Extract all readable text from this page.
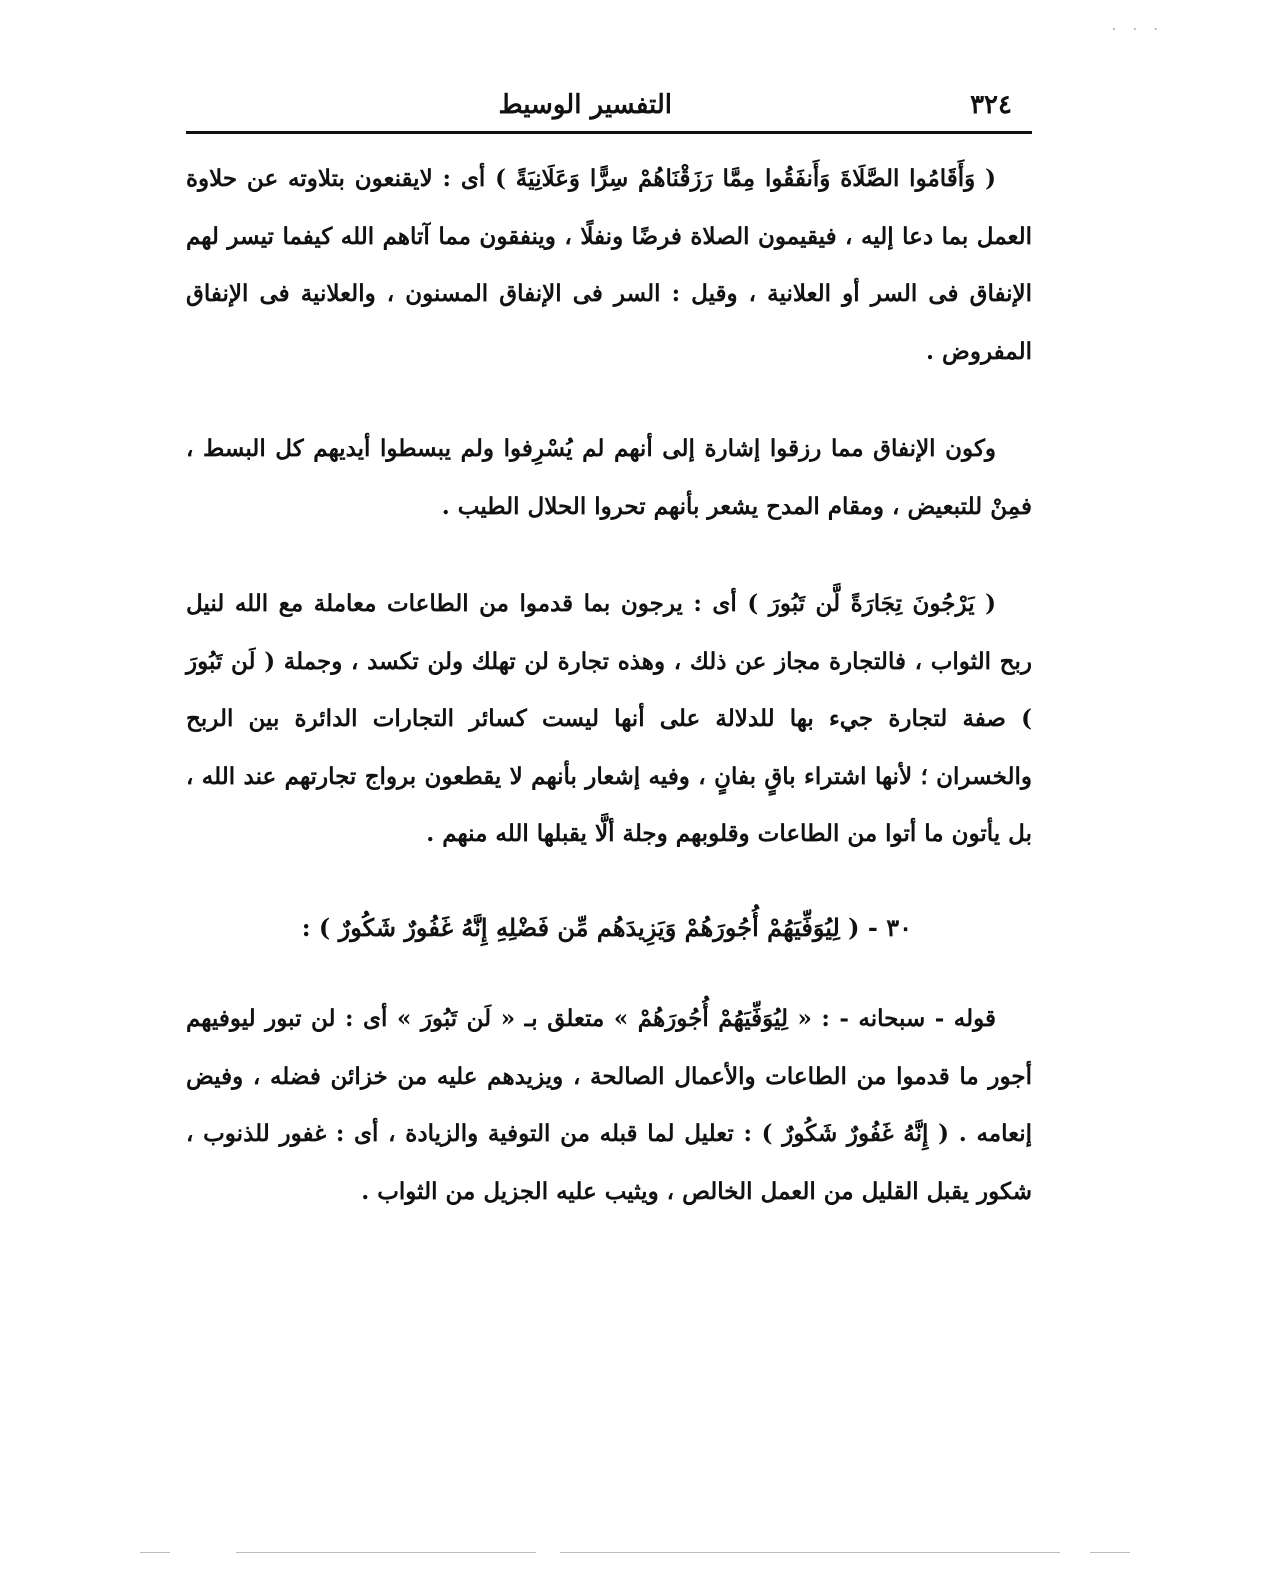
· · ·
٣٢٤
التفسير الوسيط

( وَأَقَامُوا الصَّلَاةَ وَأَنفَقُوا مِمَّا رَزَقْنَاهُمْ سِرًّا وَعَلَانِيَةً ) أى : لايقنعون بتلاوته عن حلاوة العمل بما دعا إليه ، فيقيمون الصلاة فرضًا ونفلًا ، وينفقون مما آتاهم الله كيفما تيسر لهم الإنفاق فى السر أو العلانية ، وقيل : السر فى الإنفاق المسنون ، والعلانية فى الإنفاق المفروض .

وكون الإنفاق مما رزقوا إشارة إلى أنهم لم يُسْرِفوا ولم يبسطوا أيديهم كل البسط ، فمِنْ للتبعيض ، ومقام المدح يشعر بأنهم تحروا الحلال الطيب .

( يَرْجُونَ تِجَارَةً لَّن تَبُورَ ) أى : يرجون بما قدموا من الطاعات معاملة مع الله لنيل ربح الثواب ، فالتجارة مجاز عن ذلك ، وهذه تجارة لن تهلك ولن تكسد ، وجملة ( لَن تَبُورَ ) صفة لتجارة جيء بها للدلالة على أنها ليست كسائر التجارات الدائرة بين الربح والخسران ؛ لأنها اشتراء باقٍ بفانٍ ، وفيه إشعار بأنهم لا يقطعون برواج تجارتهم عند الله ، بل يأتون ما أتوا من الطاعات وقلوبهم وجلة ألَّا يقبلها الله منهم .

٣٠ - ( لِيُوَفِّيَهُمْ أُجُورَهُمْ وَيَزِيدَهُم مِّن فَضْلِهِ إِنَّهُ غَفُورٌ شَكُورٌ ) :

قوله - سبحانه - : « لِيُوَفِّيَهُمْ أُجُورَهُمْ » متعلق بـ « لَن تَبُورَ » أى : لن تبور ليوفيهم أجور ما قدموا من الطاعات والأعمال الصالحة ، ويزيدهم عليه من خزائن فضله ، وفيض إنعامه . ( إِنَّهُ غَفُورٌ شَكُورٌ ) : تعليل لما قبله من التوفية والزيادة ، أى : غفور للذنوب ، شكور يقبل القليل من العمل الخالص ، ويثيب عليه الجزيل من الثواب .
